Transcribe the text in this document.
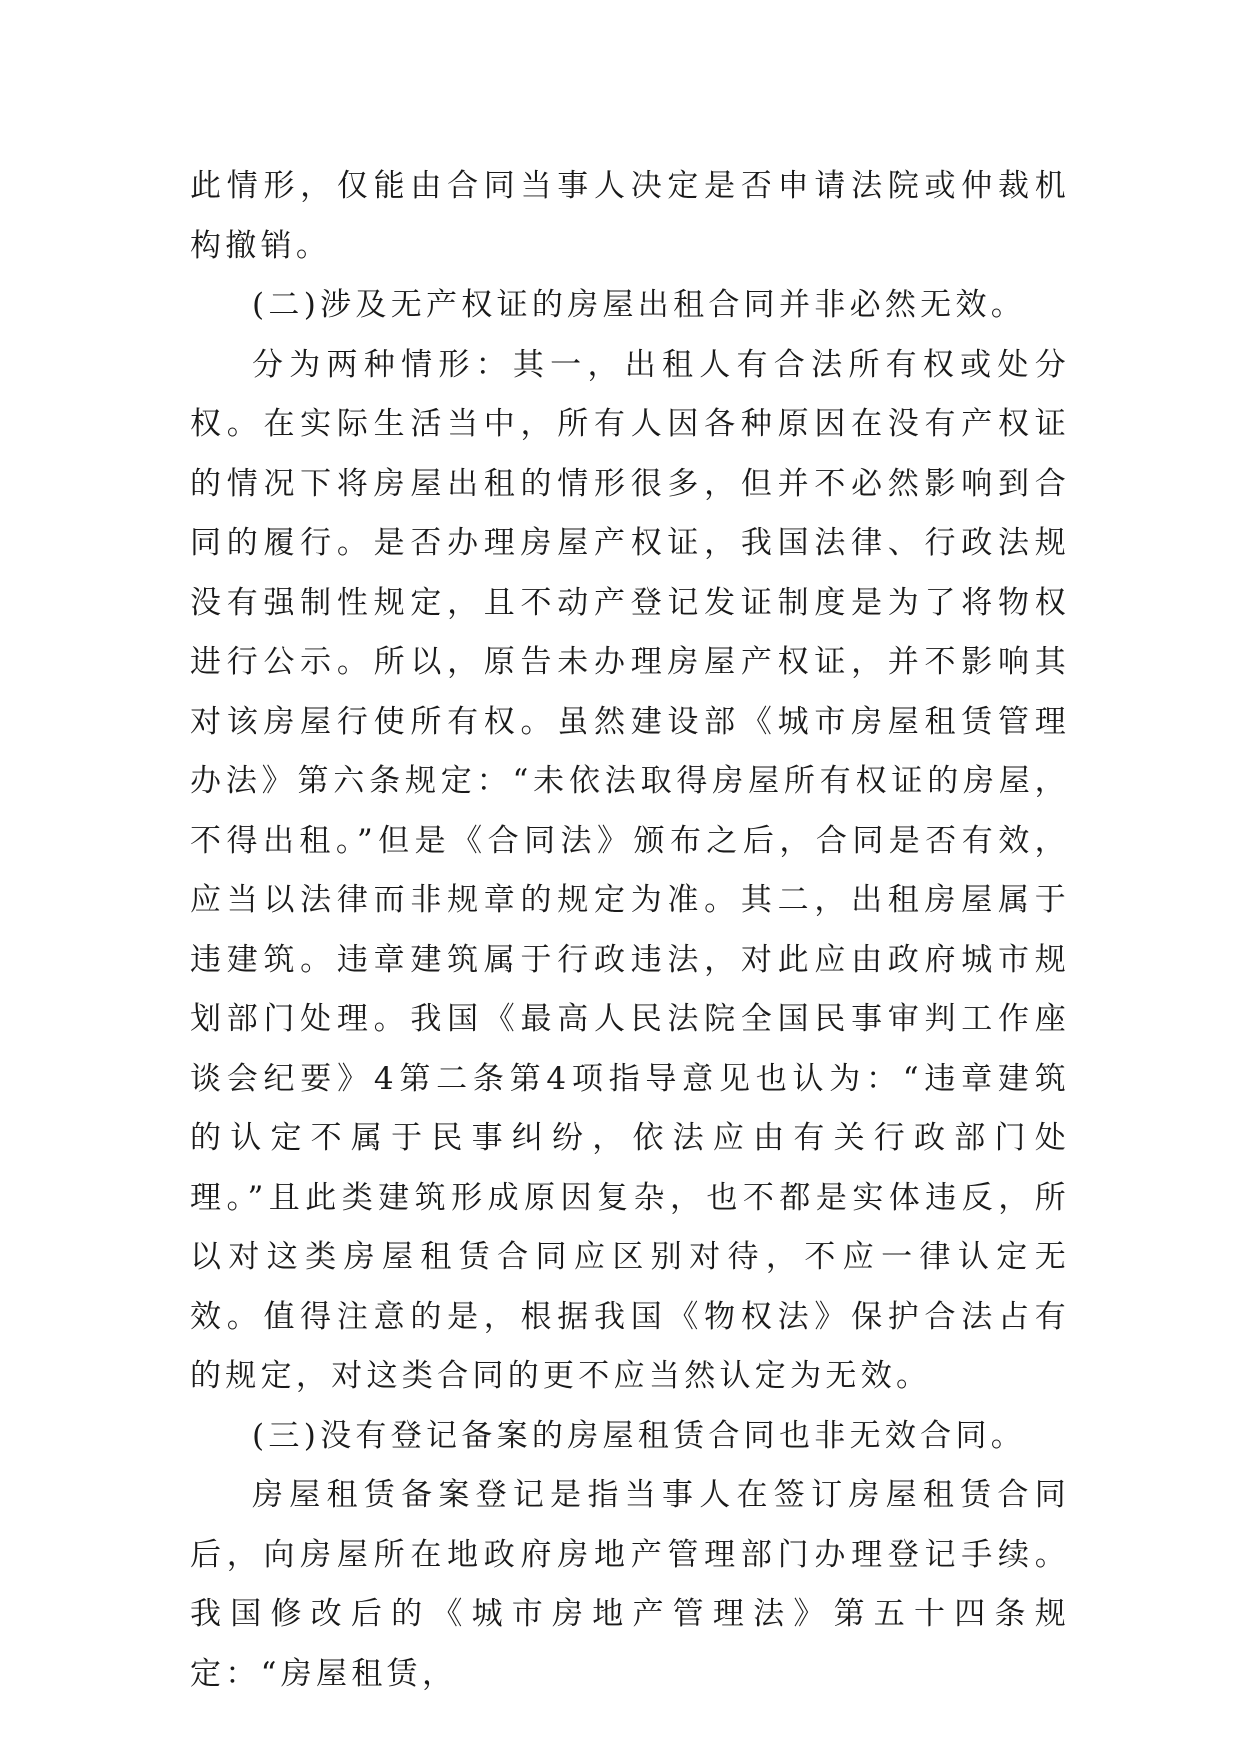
此情形，仅能由合同当事人决定是否申请法院或仲裁机构撤销。

(二)涉及无产权证的房屋出租合同并非必然无效。

分为两种情形：其一，出租人有合法所有权或处分权。在实际生活当中，所有人因各种原因在没有产权证的情况下将房屋出租的情形很多，但并不必然影响到合同的履行。是否办理房屋产权证，我国法律、行政法规没有强制性规定，且不动产登记发证制度是为了将物权进行公示。所以，原告未办理房屋产权证，并不影响其对该房屋行使所有权。虽然建设部《城市房屋租赁管理办法》第六条规定：“未依法取得房屋所有权证的房屋，不得出租。”但是《合同法》颁布之后，合同是否有效，应当以法律而非规章的规定为准。其二，出租房屋属于违建筑。违章建筑属于行政违法，对此应由政府城市规划部门处理。我国《最高人民法院全国民事审判工作座谈会纪要》4第二条第4项指导意见也认为：“违章建筑的认定不属于民事纠纷，依法应由有关行政部门处理。”且此类建筑形成原因复杂，也不都是实体违反，所以对这类房屋租赁合同应区别对待，不应一律认定无效。值得注意的是，根据我国《物权法》保护合法占有的规定，对这类合同的更不应当然认定为无效。

(三)没有登记备案的房屋租赁合同也非无效合同。

房屋租赁备案登记是指当事人在签订房屋租赁合同后，向房屋所在地政府房地产管理部门办理登记手续。我国修改后的《城市房地产管理法》第五十四条规定：“房屋租赁，
